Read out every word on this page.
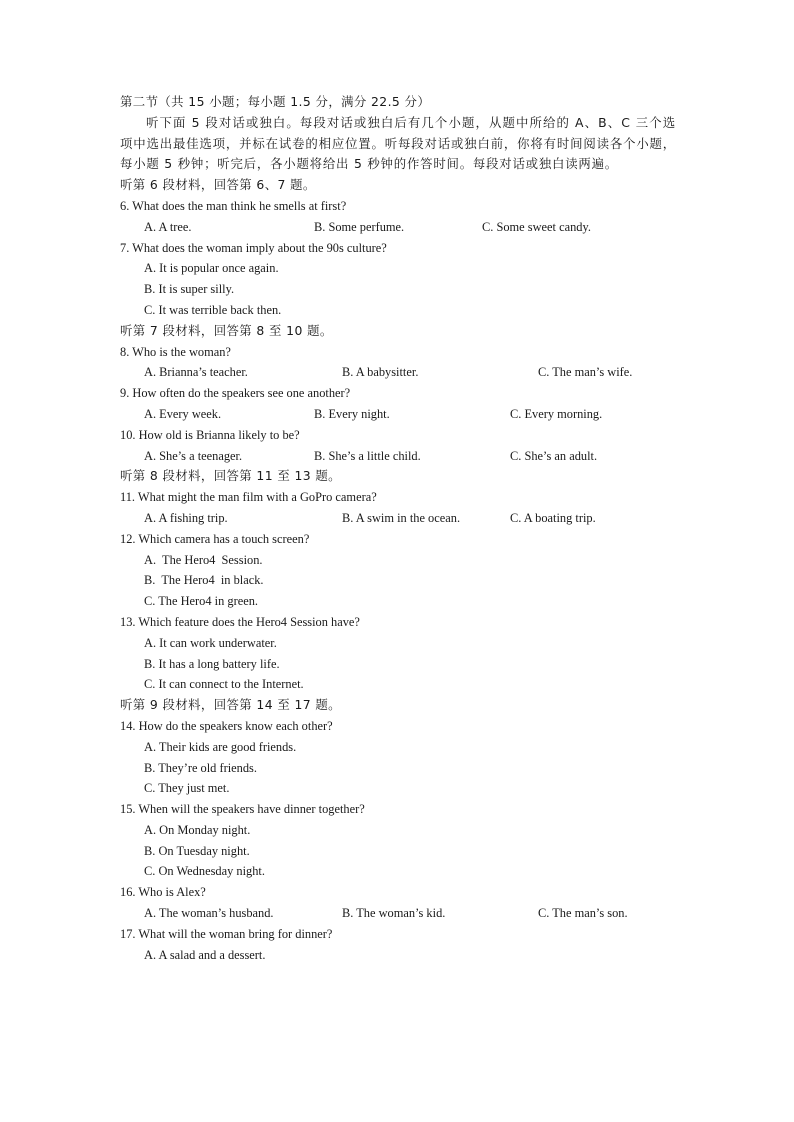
第二节（共 15 小题；每小题 1.5 分，满分 22.5 分）
听下面 5 段对话或独白。每段对话或独白后有几个小题，从题中所给的 A、B、C 三个选项中选出最佳选项，并标在试卷的相应位置。听每段对话或独白前，你将有时间阅读各个小题，每小题 5 秒钟；听完后，各小题将给出 5 秒钟的作答时间。每段对话或独白读两遍。
听第 6 段材料，回答第 6、7 题。
6. What does the man think he smells at first?
A. A tree.	B. Some perfume.	C. Some sweet candy.
7. What does the woman imply about the 90s culture?
A. It is popular once again.
B. It is super silly.
C. It was terrible back then.
听第 7 段材料，回答第 8 至 10 题。
8. Who is the woman?
A. Brianna’s teacher.	B. A babysitter.	C. The man’s wife.
9. How often do the speakers see one another?
A. Every week.	B. Every night.	C. Every morning.
10. How old is Brianna likely to be?
A. She’s a teenager.	B. She’s a little child.	C. She’s an adult.
听第 8 段材料，回答第 11 至 13 题。
11. What might the man film with a GoPro camera?
A. A fishing trip.	B. A swim in the ocean.	C. A boating trip.
12. Which camera has a touch screen?
A.  The Hero4  Session.
B.  The Hero4  in black.
C. The Hero4 in green.
13. Which feature does the Hero4 Session have?
A. It can work underwater.
B. It has a long battery life.
C. It can connect to the Internet.
听第 9 段材料，回答第 14 至 17 题。
14. How do the speakers know each other?
A. Their kids are good friends.
B. They’re old friends.
C. They just met.
15. When will the speakers have dinner together?
A. On Monday night.
B. On Tuesday night.
C. On Wednesday night.
16. Who is Alex?
A. The woman’s husband.	B. The woman’s kid.	C. The man’s son.
17. What will the woman bring for dinner?
A. A salad and a dessert.
